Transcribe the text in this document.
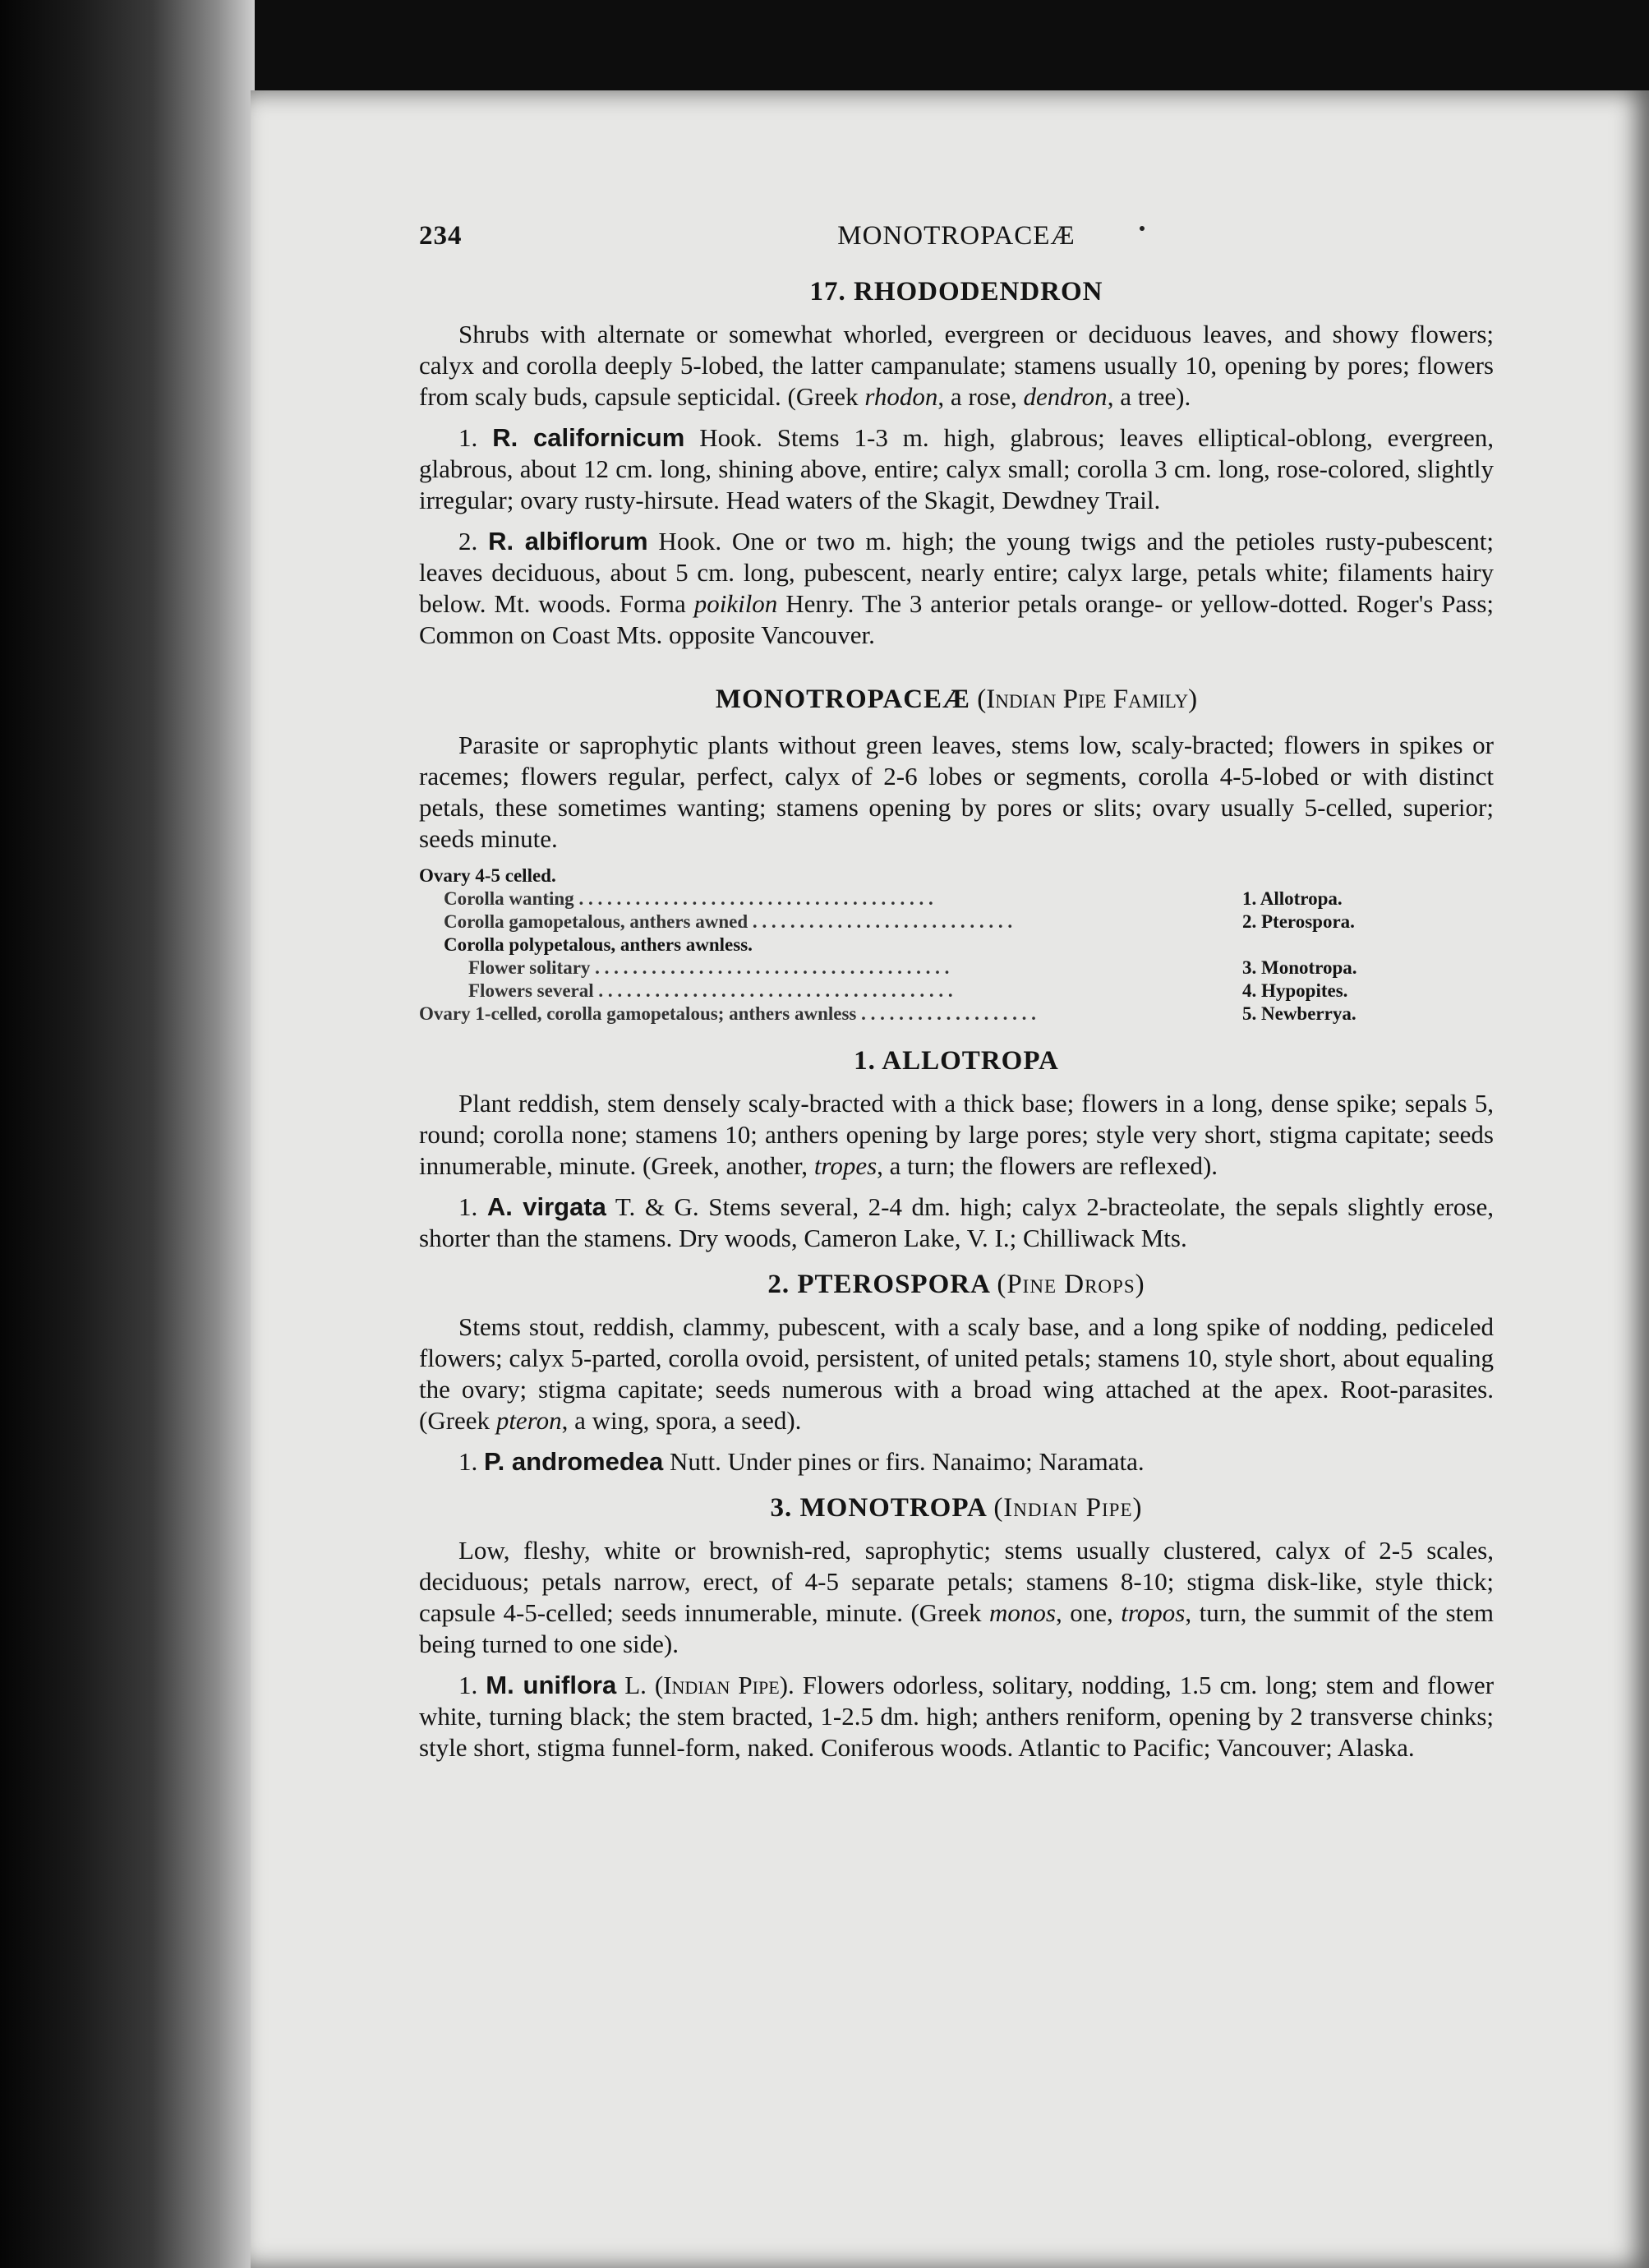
234	MONOTROPACEÆ
17. RHODODENDRON

Shrubs with alternate or somewhat whorled, evergreen or deciduous leaves, and showy flowers; calyx and corolla deeply 5-lobed, the latter campanulate; stamens usually 10, opening by pores; flowers from scaly buds, capsule septicidal. (Greek rhodon, a rose, dendron, a tree).

1. R. californicum Hook. Stems 1-3 m. high, glabrous; leaves elliptical-oblong, evergreen, glabrous, about 12 cm. long, shining above, entire; calyx small; corolla 3 cm. long, rose-colored, slightly irregular; ovary rusty-hirsute. Head waters of the Skagit, Dewdney Trail.

2. R. albiflorum Hook. One or two m. high; the young twigs and the petioles rusty-pubescent; leaves deciduous, about 5 cm. long, pubescent, nearly entire; calyx large, petals white; filaments hairy below. Mt. woods. Forma poikilon Henry. The 3 anterior petals orange- or yellow-dotted. Roger's Pass; Common on Coast Mts. opposite Vancouver.

MONOTROPACEÆ (Indian Pipe Family)

Parasite or saprophytic plants without green leaves, stems low, scaly-bracted; flowers in spikes or racemes; flowers regular, perfect, calyx of 2-6 lobes or segments, corolla 4-5-lobed or with distinct petals, these sometimes wanting; stamens opening by pores or slits; ovary usually 5-celled, superior; seeds minute.

Ovary 4-5 celled.
Corolla wanting . . . . . . . . . . . . . . . . . . . . . . . . . . . . . . . . . . . . . .	1. Allotropa.
Corolla gamopetalous, anthers awned . . . . . . . . . . . . . . . . . . . . . . . . . . . .	2. Pterospora.
Corolla polypetalous, anthers awnless.
Flower solitary . . . . . . . . . . . . . . . . . . . . . . . . . . . . . . . . . . . . . .	3. Monotropa.
Flowers several . . . . . . . . . . . . . . . . . . . . . . . . . . . . . . . . . . . . . .	4. Hypopites.
Ovary 1-celled, corolla gamopetalous; anthers awnless . . . . . . . . . . . . . . . . . . .	5. Newberrya.
1. ALLOTROPA

Plant reddish, stem densely scaly-bracted with a thick base; flowers in a long, dense spike; sepals 5, round; corolla none; stamens 10; anthers opening by large pores; style very short, stigma capitate; seeds innumerable, minute. (Greek, another, tropes, a turn; the flowers are reflexed).

1. A. virgata T. & G. Stems several, 2-4 dm. high; calyx 2-bracteolate, the sepals slightly erose, shorter than the stamens. Dry woods, Cameron Lake, V. I.; Chilliwack Mts.

2. PTEROSPORA (Pine Drops)

Stems stout, reddish, clammy, pubescent, with a scaly base, and a long spike of nodding, pediceled flowers; calyx 5-parted, corolla ovoid, persistent, of united petals; stamens 10, style short, about equaling the ovary; stigma capitate; seeds numerous with a broad wing attached at the apex. Root-parasites. (Greek pteron, a wing, spora, a seed).

1. P. andromedea Nutt. Under pines or firs. Nanaimo; Naramata.

3. MONOTROPA (Indian Pipe)

Low, fleshy, white or brownish-red, saprophytic; stems usually clustered, calyx of 2-5 scales, deciduous; petals narrow, erect, of 4-5 separate petals; stamens 8-10; stigma disk-like, style thick; capsule 4-5-celled; seeds innumerable, minute. (Greek monos, one, tropos, turn, the summit of the stem being turned to one side).

1. M. uniflora L. (Indian Pipe). Flowers odorless, solitary, nodding, 1.5 cm. long; stem and flower white, turning black; the stem bracted, 1-2.5 dm. high; anthers reniform, opening by 2 transverse chinks; style short, stigma funnel-form, naked. Coniferous woods. Atlantic to Pacific; Vancouver; Alaska.
